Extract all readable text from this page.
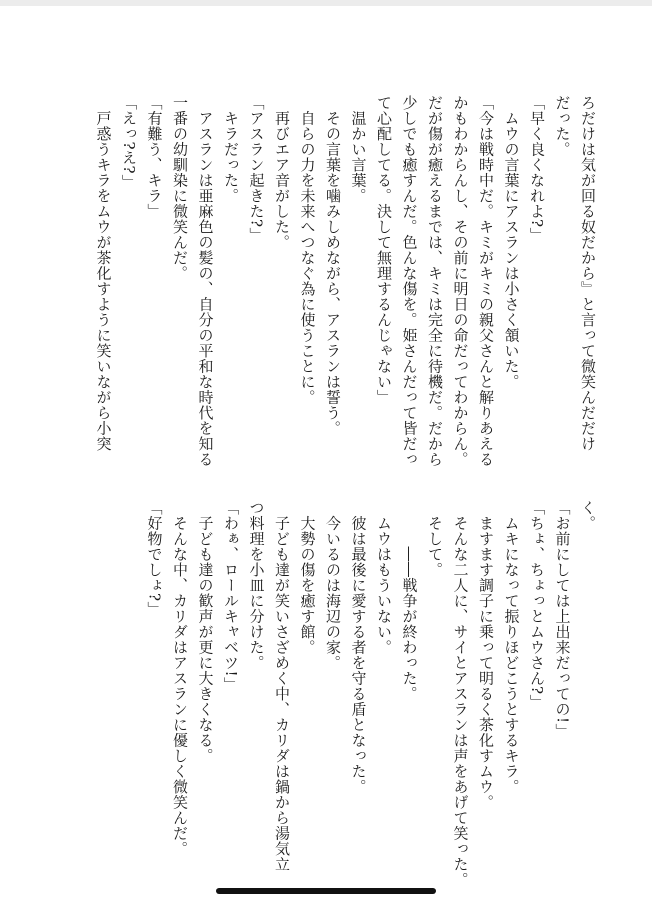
ろだけは気が回る奴だから』と言って微笑んだだけ

だった。

「早く良くなれよ?」

　ムウの言葉にアスランは小さく頷いた。

「今は戦時中だ。キミがキミの親父さんと解りあえる

かもわからんし、その前に明日の命だってわからん。

だが傷が癒えるまでは、キミは完全に待機だ。だから

少しでも癒すんだ。色んな傷を。姫さんだって皆だっ

て心配してる。決して無理するんじゃない」

　温かい言葉。

　その言葉を噛みしめながら、アスランは誓う。

　自らの力を未来へつなぐ為に使うことに。

　再びエア音がした。

「アスラン起きた?」

　キラだった。

　アスランは亜麻色の髪の、自分の平和な時代を知る

一番の幼馴染に微笑んだ。

「有難う、キラ」

「えっ?え?」

　戸惑うキラをムウが茶化すように笑いながら小突

く。

「お前にしては上出来だっての!」

「ちょ、ちょっとムウさん?」

　ムキになって振りほどこうとするキラ。

　ますます調子に乗って明るく茶化すムウ。

　そんな二人に、サイとアスランは声をあげて笑った。

　そして。

　　　――戦争が終わった。

　ムウはもういない。

　彼は最後に愛する者を守る盾となった。

　今いるのは海辺の家。

　大勢の傷を癒す館。

　子ども達が笑いさざめく中、カリダは鍋から湯気立

つ料理を小皿に分けた。

「わぁ、ロールキャベツ!」

　子ども達の歓声が更に大きくなる。

　そんな中、カリダはアスランに優しく微笑んだ。

「好物でしょ?」
